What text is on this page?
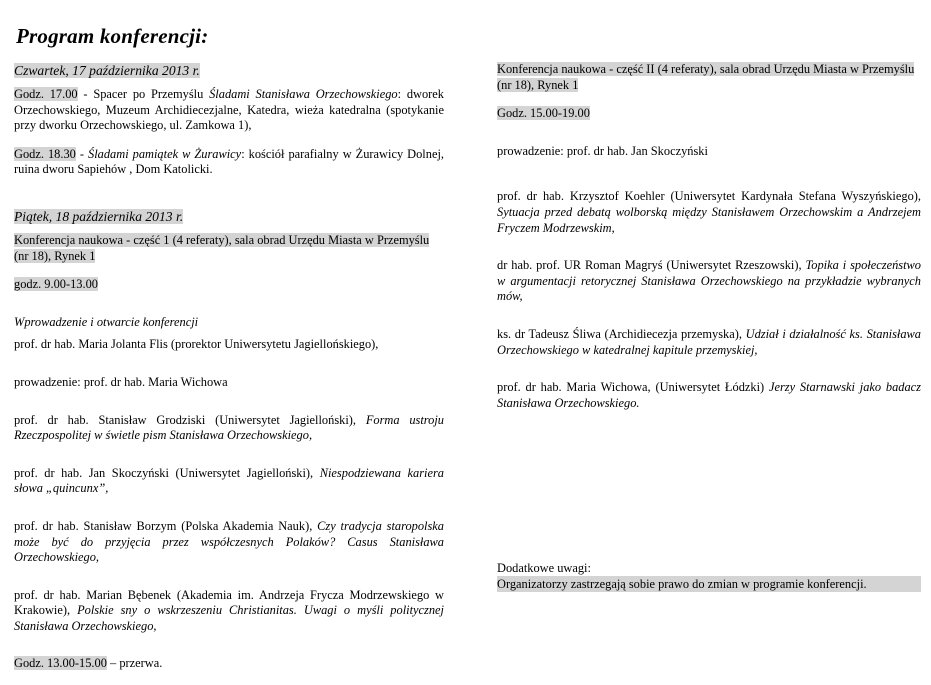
Program konferencji:
Czwartek, 17 października 2013 r.
Godz. 17.00 - Spacer po Przemyślu Śladami Stanisława Orzechowskiego: dworek Orzechowskiego, Muzeum Archidiecezjalne, Katedra, wieża katedralna (spotykanie przy dworku Orzechowskiego, ul. Zamkowa 1),
Godz. 18.30 - Śladami pamiątek w Żurawicy: kościół parafialny w Żurawicy Dolnej, ruina dworu Sapiehów , Dom Katolicki.
Piątek, 18 października 2013 r.
Konferencja naukowa - część 1 (4 referaty), sala obrad Urzędu Miasta w Przemyślu (nr 18), Rynek 1
godz. 9.00-13.00
Wprowadzenie i otwarcie konferencji
prof. dr hab. Maria Jolanta Flis (prorektor Uniwersytetu Jagiellońskiego),
prowadzenie: prof. dr hab. Maria Wichowa
prof. dr hab. Stanisław Grodziski (Uniwersytet Jagielloński), Forma ustroju Rzeczpospolitej w świetle pism Stanisława Orzechowskiego,
prof. dr hab. Jan Skoczyński (Uniwersytet Jagielloński), Niespodziewana kariera słowa „quincunx”,
prof. dr hab. Stanisław Borzym (Polska Akademia Nauk), Czy tradycja staropolska może być do przyjęcia przez współczesnych Polaków? Casus Stanisława Orzechowskiego,
prof. dr hab. Marian Bębenek (Akademia im. Andrzeja Frycza Modrzewskiego w Krakowie), Polskie sny o wskrzeszeniu Christianitas. Uwagi o myśli politycznej Stanisława Orzechowskiego,
Godz. 13.00-15.00 – przerwa.
Konferencja naukowa - część II (4 referaty), sala obrad Urzędu Miasta w Przemyślu (nr 18), Rynek 1
Godz. 15.00-19.00
prowadzenie: prof. dr hab. Jan Skoczyński
prof. dr hab. Krzysztof Koehler (Uniwersytet Kardynała Stefana Wyszyńskiego), Sytuacja przed debatą wolborską między Stanisławem Orzechowskim a Andrzejem Fryczem Modrzewskim,
dr hab. prof. UR Roman Magryś (Uniwersytet Rzeszowski), Topika i społeczeństwo w argumentacji retorycznej Stanisława Orzechowskiego na przykładzie wybranych mów,
ks. dr Tadeusz Śliwa (Archidiecezja przemyska), Udział i działalność ks. Stanisława Orzechowskiego w katedralnej kapitule przemyskiej,
prof. dr hab. Maria Wichowa, (Uniwersytet Łódzki) Jerzy Starnawski jako badacz Stanisława Orzechowskiego.
Dodatkowe uwagi:
Organizatorzy zastrzegają sobie prawo do zmian w programie konferencji.
